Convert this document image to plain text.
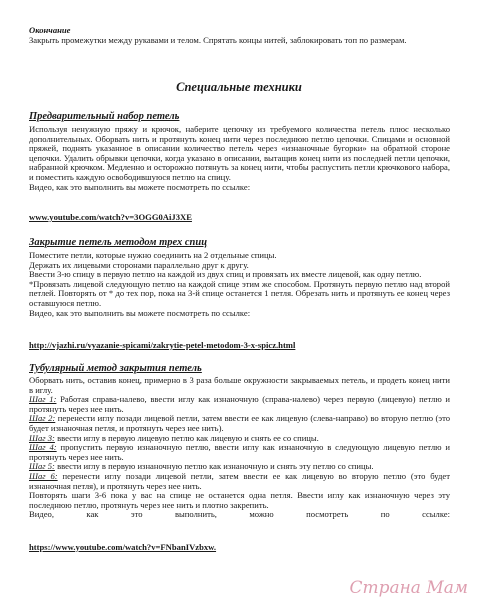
Окончание

Закрыть промежутки между рукавами и телом. Спрятать концы нитей, заблокировать топ по размерам.

Специальные техники
Предварительный набор петель

Используя ненужную пряжу и крючок, наберите цепочку из требуемого количества петель плюс несколько дополнительных. Оборвать нить и протянуть конец нити через последнюю петлю цепочки. Спицами и основной пряжей, поднять указанное в описании количество петель через «изнаночные бугорки» на обратной стороне цепочки. Удалить обрывки цепочки, когда указано в описании, вытащив конец нити из последней петли цепочки, набранной крючком. Медленно и осторожно потянуть за конец нити, чтобы распустить петли крючкового набора, и поместить каждую освободившуюся петлю на спицу.

Видео, как это выполнить вы можете посмотреть по ссылке:

www.youtube.com/watch?v=3OGG0AiJ3XE
Закрытие петель методом трех спиц

Поместите петли, которые нужно соединить на 2 отдельные спицы.

Держать их лицевыми сторонами параллельно друг к другу.

Ввести 3-ю спицу в первую петлю на каждой из двух спиц и провязать их вместе лицевой, как одну петлю.

*Провязать лицевой следующую петлю на каждой спице этим же способом. Протянуть первую петлю над второй петлей. Повторять от * до тех пор, пока на 3-й спице останется 1 петля. Обрезать нить и протянуть ее конец через оставшуюся петлю.

Видео, как это выполнить вы можете посмотреть по ссылке:

http://vjazhi.ru/vyazanie-spicami/zakrytie-petel-metodom-3-x-spicz.html
Тубулярный метод закрытия петель

Оборвать нить, оставив конец, примерно в 3 раза больше окружности закрываемых петель, и продеть конец нити в иглу.

Шаг 1: Работая справа-налево, ввести иглу как изнаночную (справа-налево) через первую (лицевую) петлю и протянуть через нее нить.

Шаг 2: перенести иглу позади лицевой петли, затем ввести ее как лицевую (слева-направо) во вторую петлю (это будет изнаночная петля, и протянуть через нее нить).

Шаг 3: ввести иглу в первую лицевую петлю как лицевую и снять ее со спицы.

Шаг 4: пропустить первую изнаночную петлю, ввести иглу как изнаночную в следующую лицевую петлю и протянуть через нее нить.

Шаг 5: ввести иглу в первую изнаночную петлю как изнаночную и снять эту петлю со спицы.

Шаг 6: перенести иглу позади лицевой петли, затем ввести ее как лицевую во вторую петлю (это будет изнаночная петля), и протянуть через нее нить.

Повторять шаги 3-6 пока у вас на спице не останется одна петля. Ввести иглу как изнаночную через эту последнюю петлю, протянуть через нее нить и плотно закрепить.

Видео,	как	это	выполнить,	можно	посмотреть	по	ссылке:

https://www.youtube.com/watch?v=FNbanIVzbxw.
Страна Мам
